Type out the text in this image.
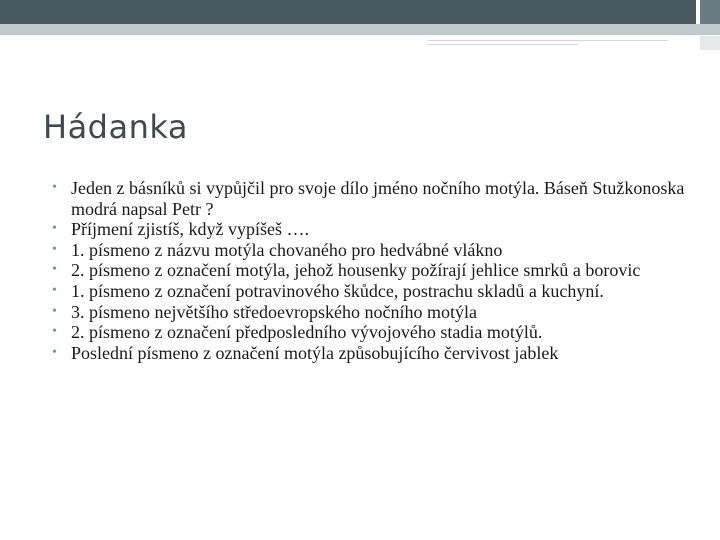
Hádanka
• Jeden z básníků si vypůjčil pro svoje dílo jméno nočního motýla. Báseň Stužkonoska modrá napsal Petr ?
• Příjmení zjistíš, když vypíšeš ….
• 1. písmeno z názvu motýla chovaného pro hedvábné vlákno
• 2. písmeno z označení motýla, jehož housenky požírají jehlice smrků a borovic
• 1. písmeno z označení potravinového škůdce, postrachu skladů a kuchyní.
• 3. písmeno největšího středoevropského nočního motýla
• 2. písmeno z označení předposledního vývojového stadia motýlů.
• Poslední písmeno z označení motýla způsobujícího červivost jablek
